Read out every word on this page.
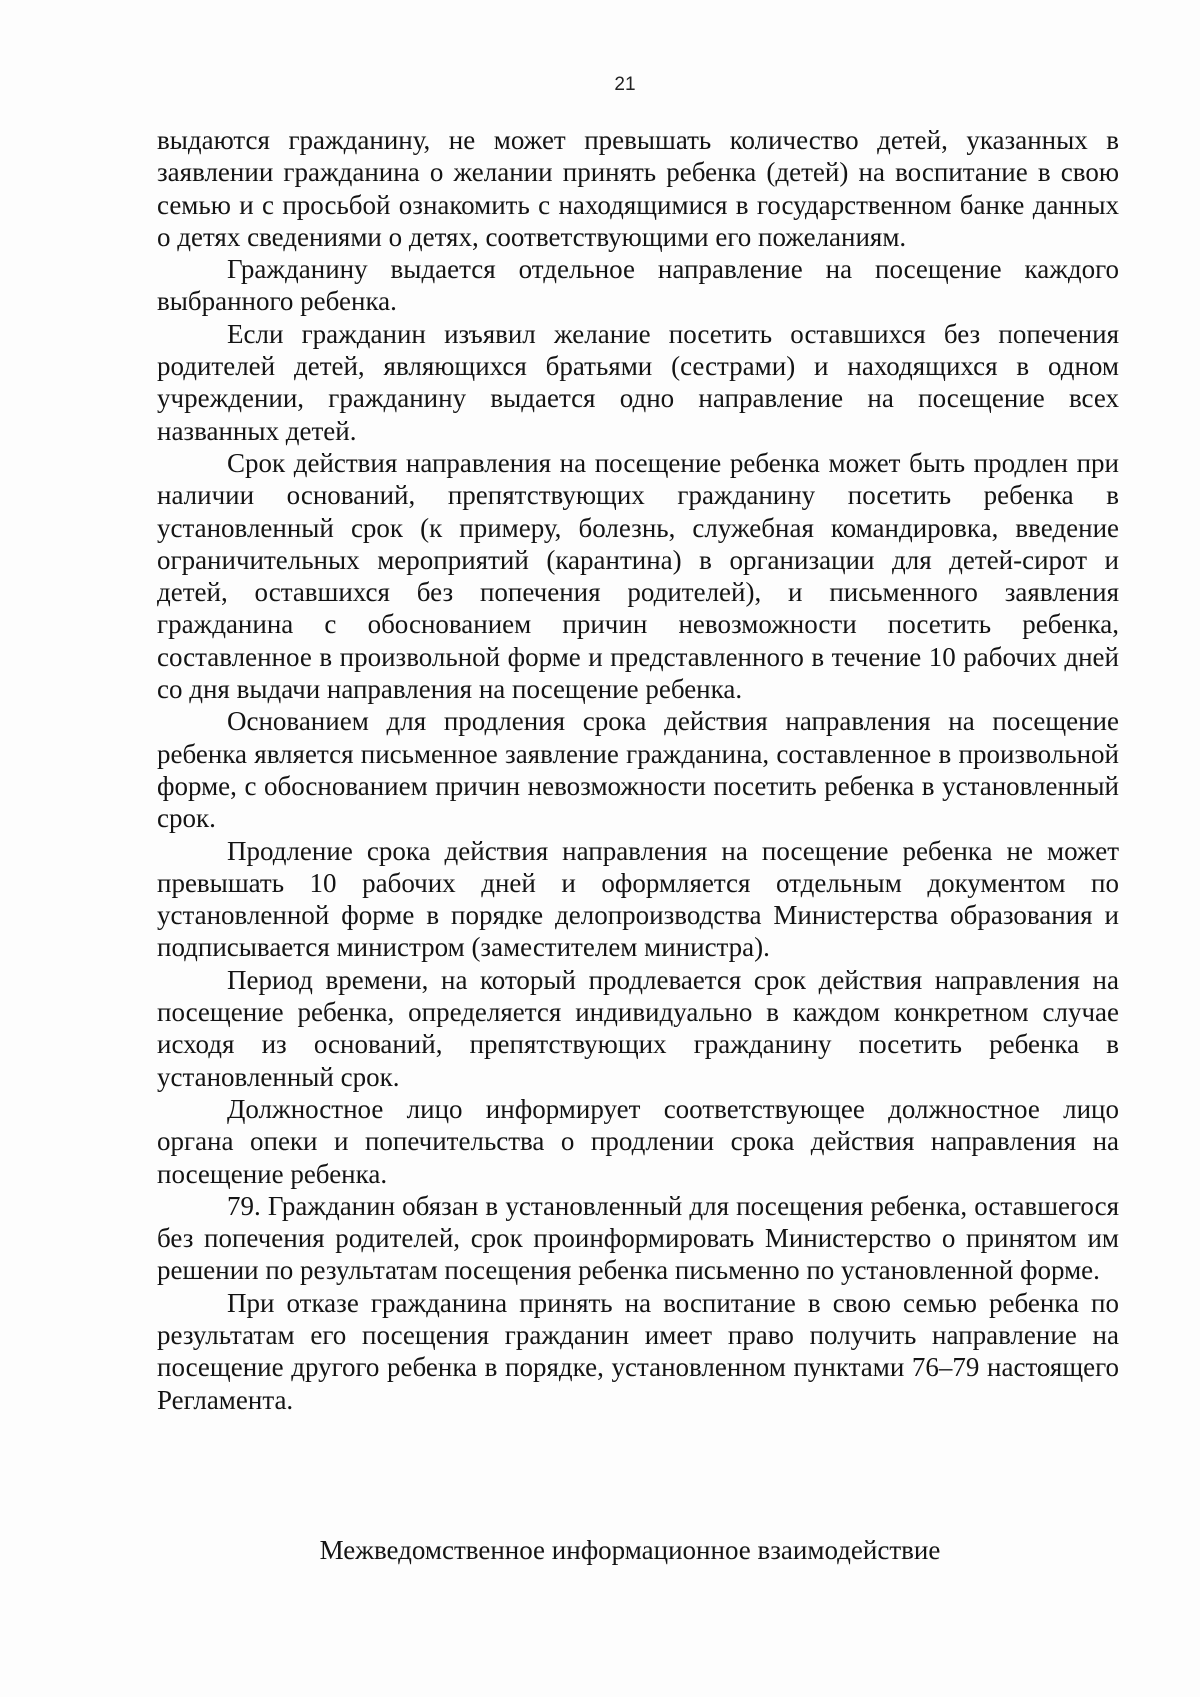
21

выдаются гражданину, не может превышать количество детей, указанных в заявлении гражданина о желании принять ребенка (детей) на воспитание в свою семью и с просьбой ознакомить с находящимися в государственном банке данных о детях сведениями о детях, соответствующими его пожеланиям.

Гражданину выдается отдельное направление на посещение каждого выбранного ребенка.

Если гражданин изъявил желание посетить оставшихся без попечения родителей детей, являющихся братьями (сестрами) и находящихся в одном учреждении, гражданину выдается одно направление на посещение всех названных детей.

Срок действия направления на посещение ребенка может быть продлен при наличии оснований, препятствующих гражданину посетить ребенка в установленный срок (к примеру, болезнь, служебная командировка, введение ограничительных мероприятий (карантина) в организации для детей-сирот и детей, оставшихся без попечения родителей), и письменного заявления гражданина с обоснованием причин невозможности посетить ребенка, составленное в произвольной форме и представленного в течение 10 рабочих дней со дня выдачи направления на посещение ребенка.

Основанием для продления срока действия направления на посещение ребенка является письменное заявление гражданина, составленное в произвольной форме, с обоснованием причин невозможности посетить ребенка в установленный срок.

Продление срока действия направления на посещение ребенка не может превышать 10 рабочих дней и оформляется отдельным документом по установленной форме в порядке делопроизводства Министерства образования и подписывается министром (заместителем министра).

Период времени, на который продлевается срок действия направления на посещение ребенка, определяется индивидуально в каждом конкретном случае исходя из оснований, препятствующих гражданину посетить ребенка в установленный срок.

Должностное лицо информирует соответствующее должностное лицо органа опеки и попечительства о продлении срока действия направления на посещение ребенка.

79. Гражданин обязан в установленный для посещения ребенка, оставшегося без попечения родителей, срок проинформировать Министерство о принятом им решении по результатам посещения ребенка письменно по установленной форме.

При отказе гражданина принять на воспитание в свою семью ребенка по результатам его посещения гражданин имеет право получить направление на посещение другого ребенка в порядке, установленном пунктами 76–79 настоящего Регламента.

Межведомственное информационное взаимодействие
